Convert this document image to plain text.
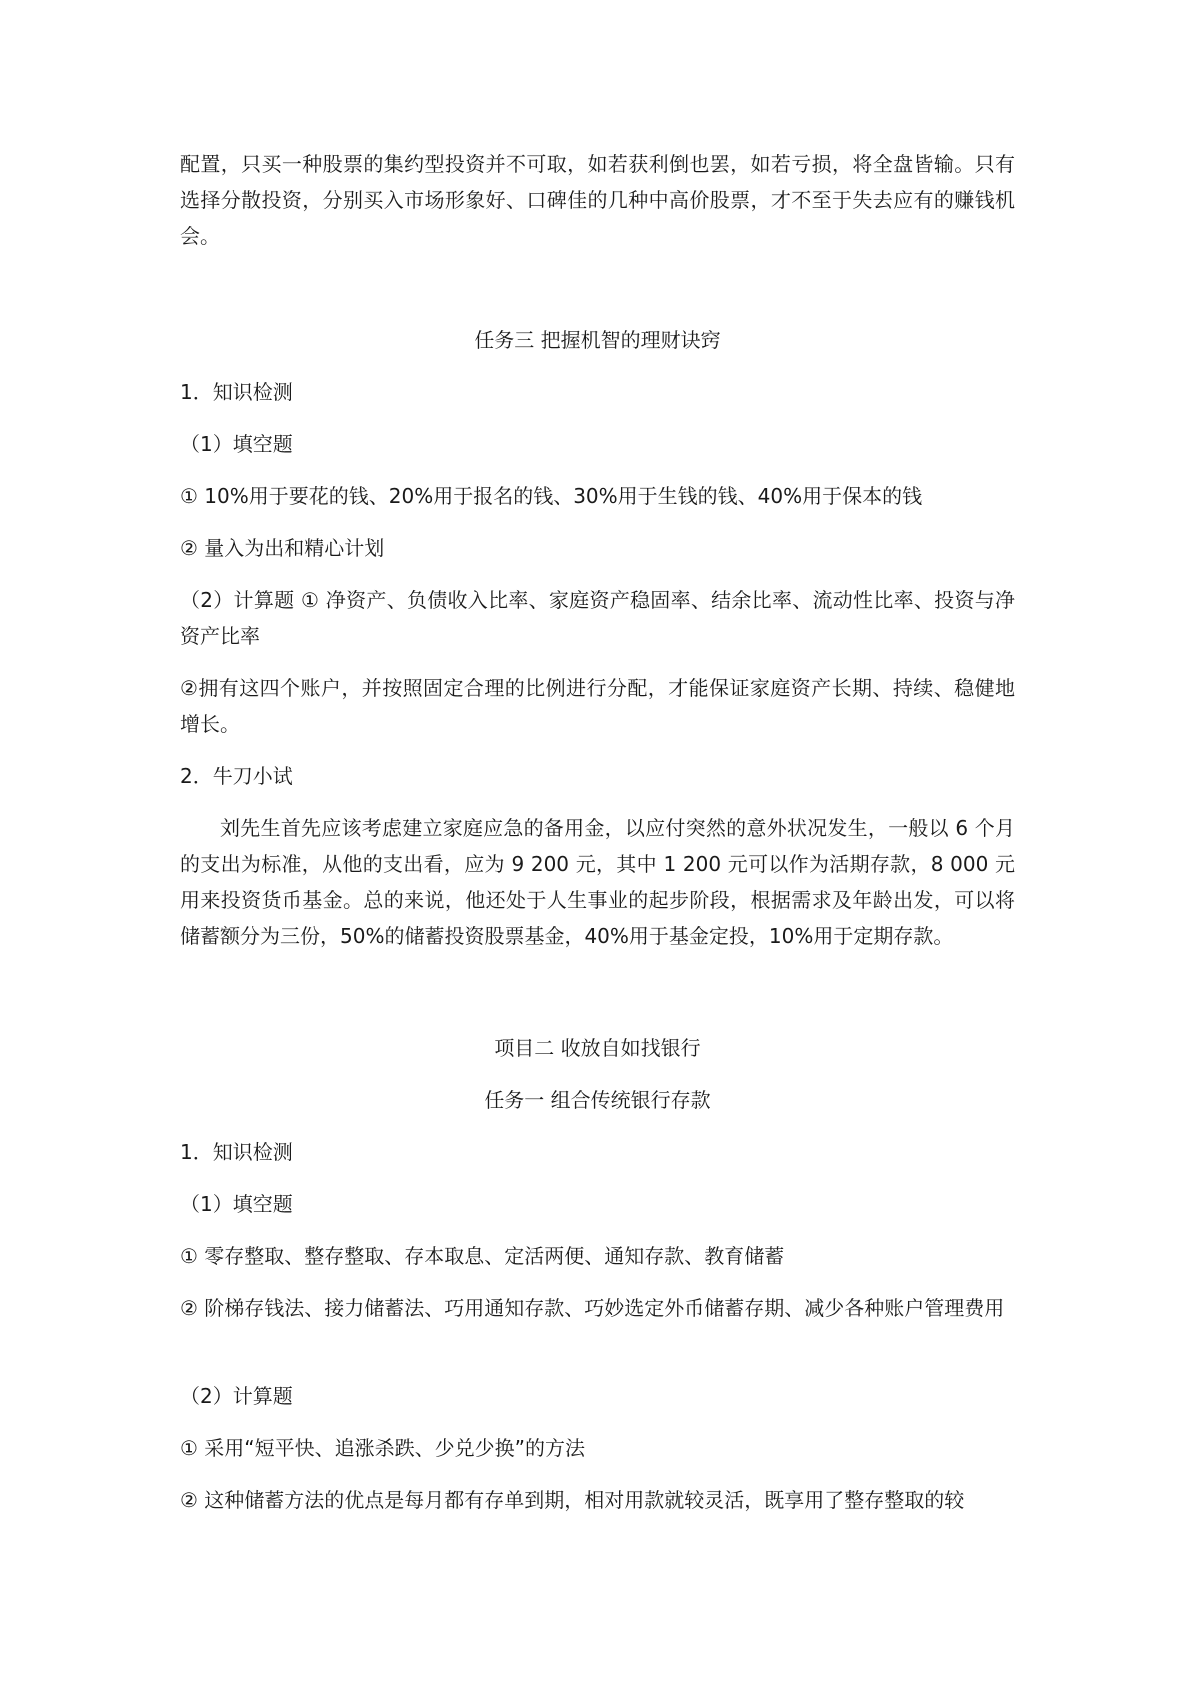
配置，只买一种股票的集约型投资并不可取，如若获利倒也罢，如若亏损，将全盘皆输。只有选择分散投资，分别买入市场形象好、口碑佳的几种中高价股票，才不至于失去应有的赚钱机会。

任务三 把握机智的理财诀窍

1．知识检测

（1）填空题

① 10%用于要花的钱、20%用于报名的钱、30%用于生钱的钱、40%用于保本的钱

② 量入为出和精心计划

（2）计算题 ① 净资产、负债收入比率、家庭资产稳固率、结余比率、流动性比率、投资与净资产比率

②拥有这四个账户，并按照固定合理的比例进行分配，才能保证家庭资产长期、持续、稳健地增长。

2．牛刀小试

刘先生首先应该考虑建立家庭应急的备用金，以应付突然的意外状况发生，一般以 6 个月的支出为标准，从他的支出看，应为 9 200 元，其中 1 200 元可以作为活期存款，8 000 元用来投资货币基金。总的来说，他还处于人生事业的起步阶段，根据需求及年龄出发，可以将储蓄额分为三份，50%的储蓄投资股票基金，40%用于基金定投，10%用于定期存款。

项目二 收放自如找银行

任务一 组合传统银行存款

1．知识检测

（1）填空题

① 零存整取、整存整取、存本取息、定活两便、通知存款、教育储蓄

② 阶梯存钱法、接力储蓄法、巧用通知存款、巧妙选定外币储蓄存期、减少各种账户管理费用

（2）计算题

① 采用“短平快、追涨杀跌、少兑少换”的方法

② 这种储蓄方法的优点是每月都有存单到期，相对用款就较灵活，既享用了整存整取的较
